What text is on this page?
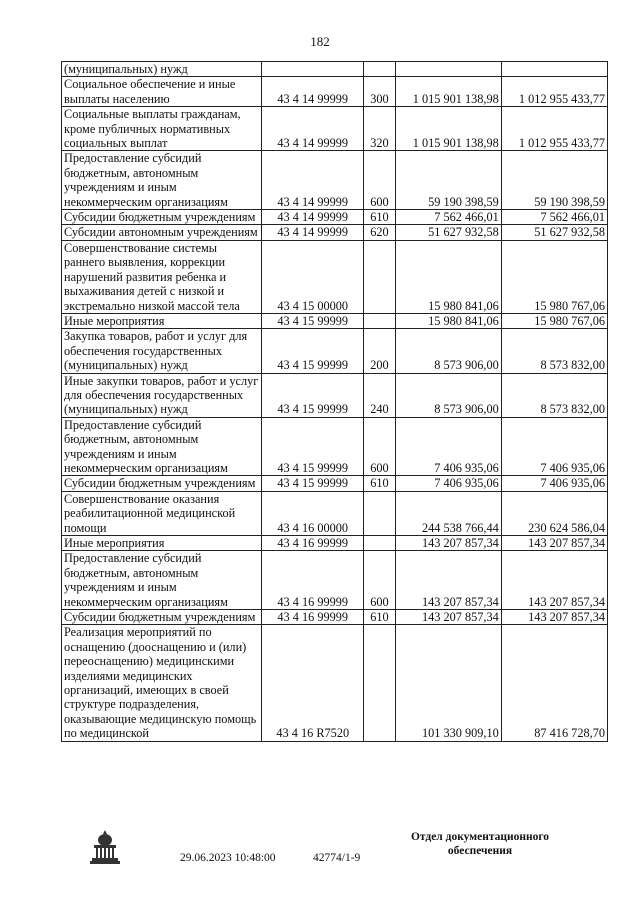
182
(муниципальных) нужд				
Социальное обеспечение и иные выплаты населению	43 4 14 99999	300	1 015 901 138,98	1 012 955 433,77
Социальные выплаты гражданам, кроме публичных нормативных социальных выплат	43 4 14 99999	320	1 015 901 138,98	1 012 955 433,77
Предоставление субсидий бюджетным, автономным учреждениям и иным некоммерческим организациям	43 4 14 99999	600	59 190 398,59	59 190 398,59
Субсидии бюджетным учреждениям	43 4 14 99999	610	7 562 466,01	7 562 466,01
Субсидии автономным учреждениям	43 4 14 99999	620	51 627 932,58	51 627 932,58
Совершенствование системы раннего выявления, коррекции нарушений развития ребенка и выхаживания детей с низкой и экстремально низкой массой тела	43 4 15 00000		15 980 841,06	15 980 767,06
Иные мероприятия	43 4 15 99999		15 980 841,06	15 980 767,06
Закупка товаров, работ и услуг для обеспечения государственных (муниципальных) нужд	43 4 15 99999	200	8 573 906,00	8 573 832,00
Иные закупки товаров, работ и услуг для обеспечения государственных (муниципальных) нужд	43 4 15 99999	240	8 573 906,00	8 573 832,00
Предоставление субсидий бюджетным, автономным учреждениям и иным некоммерческим организациям	43 4 15 99999	600	7 406 935,06	7 406 935,06
Субсидии бюджетным учреждениям	43 4 15 99999	610	7 406 935,06	7 406 935,06
Совершенствование оказания реабилитационной медицинской помощи	43 4 16 00000		244 538 766,44	230 624 586,04
Иные мероприятия	43 4 16 99999		143 207 857,34	143 207 857,34
Предоставление субсидий бюджетным, автономным учреждениям и иным некоммерческим организациям	43 4 16 99999	600	143 207 857,34	143 207 857,34
Субсидии бюджетным учреждениям	43 4 16 99999	610	143 207 857,34	143 207 857,34
Реализация мероприятий по оснащению (дооснащению и (или) переоснащению) медицинскими изделиями медицинских организаций, имеющих в своей структуре подразделения, оказывающие медицинскую помощь по медицинской	43 4 16 R7520		101 330 909,10	87 416 728,70
29.06.2023 10:48:00	42774/1-9
Отдел документационного
обеспечения
